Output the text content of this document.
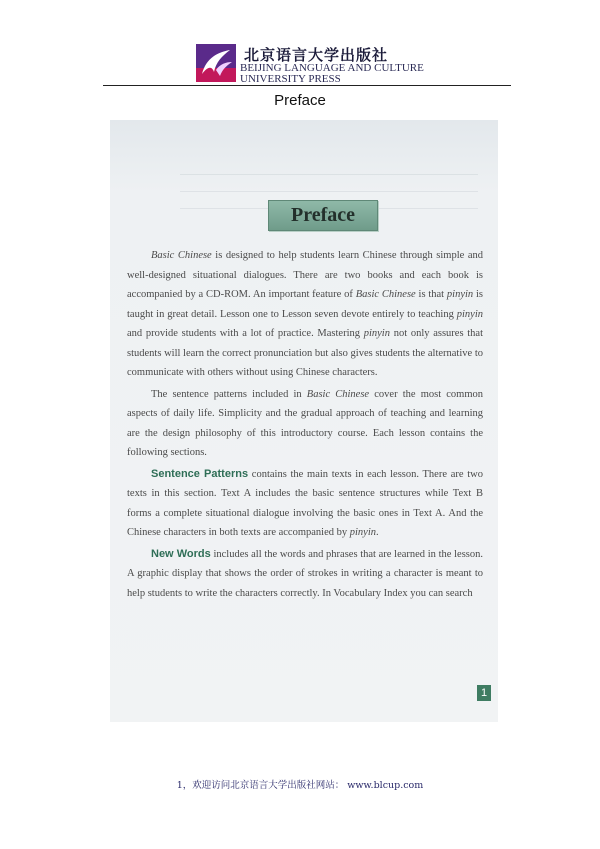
北京语言大学出版社
BEIJING LANGUAGE AND CULTURE
UNIVERSITY PRESS
Preface
Preface

Basic Chinese is designed to help students learn Chinese through simple and well-designed situational dialogues. There are two books and each book is accompanied by a CD-ROM. An important feature of Basic Chinese is that pinyin is taught in great detail. Lesson one to Lesson seven devote entirely to teaching pinyin and provide students with a lot of practice. Mastering pinyin not only assures that students will learn the correct pronunciation but also gives students the alternative to communicate with others without using Chinese characters.

The sentence patterns included in Basic Chinese cover the most common aspects of daily life. Simplicity and the gradual approach of teaching and learning are the design philosophy of this introductory course. Each lesson contains the following sections.

Sentence Patterns contains the main texts in each lesson. There are two texts in this section. Text A includes the basic sentence structures while Text B forms a complete situational dialogue involving the basic ones in Text A. And the Chinese characters in both texts are accompanied by pinyin.

New Words includes all the words and phrases that are learned in the lesson. A graphic display that shows the order of strokes in writing a character is meant to help students to write the characters correctly. In Vocabulary Index you can search

1
1，欢迎访问北京语言大学出版社网站： www.blcup.com
